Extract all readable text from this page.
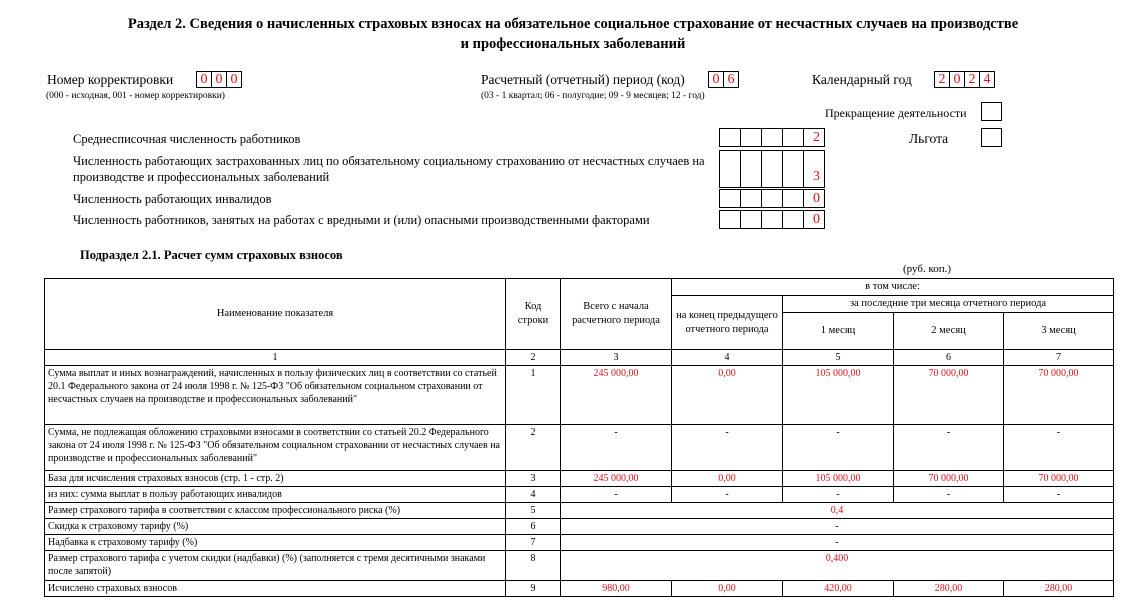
Раздел 2. Сведения о начисленных страховых взносах на обязательное социальное страхование от несчастных случаев на производстве
и профессиональных заболеваний
Номер корректировки	0 0 0
(000 - исходная, 001 - номер корректировки)
Расчетный (отчетный) период (код)	0 6
(03 - 1 квартал; 06 - полугодие; 09 - 9 месяцев; 12 - год)
Календарный год	2 0 2 4
Прекращение деятельности
Льгота
Среднесписочная численность работников	2
Численность работающих застрахованных лиц по обязательному социальному страхованию от несчастных случаев на
производстве и профессиональных заболеваний	3
Численность работающих инвалидов	0
Численность работников, занятых на работах с вредными и (или) опасными производственными факторами	0
Подраздел 2.1. Расчет сумм страховых взносов
(руб. коп.)
Наименование показателя	Код строки	Всего с начала расчетного периода	в том числе:			
			на конец предыдущего отчетного периода	за последние три месяца отчетного периода		
				1 месяц	2 месяц	3 месяц
1	2	3	4	5	6	7
Сумма выплат и иных вознаграждений, начисленных в пользу физических лиц в соответствии со статьей 20.1 Федерального закона от 24 июля 1998 г. № 125-ФЗ "Об обязательном социальном страховании от несчастных случаев на производстве и профессиональных заболеваний"	1	245 000,00	0,00	105 000,00	70 000,00	70 000,00
Сумма, не подлежащая обложению страховыми взносами в соответствии со статьей 20.2 Федерального закона от 24 июля 1998 г. № 125-ФЗ "Об обязательном социальном страховании от несчастных случаев на производстве и профессиональных заболеваний"	2	-	-	-	-	-
База для исчисления страховых взносов (стр. 1 - стр. 2)	3	245 000,00	0,00	105 000,00	70 000,00	70 000,00
из них: сумма выплат в пользу работающих инвалидов	4	-	-	-	-	-
Размер страхового тарифа в соответствии с классом профессионального риска (%)	5	0,4				
Скидка к страховому тарифу (%)	6	-				
Надбавка к страховому тарифу (%)	7	-				
Размер страхового тарифа с учетом скидки (надбавки) (%) (заполняется с тремя десятичными знаками после запятой)	8	0,400				
Исчислено страховых взносов	9	980,00	0,00	420,00	280,00	280,00
